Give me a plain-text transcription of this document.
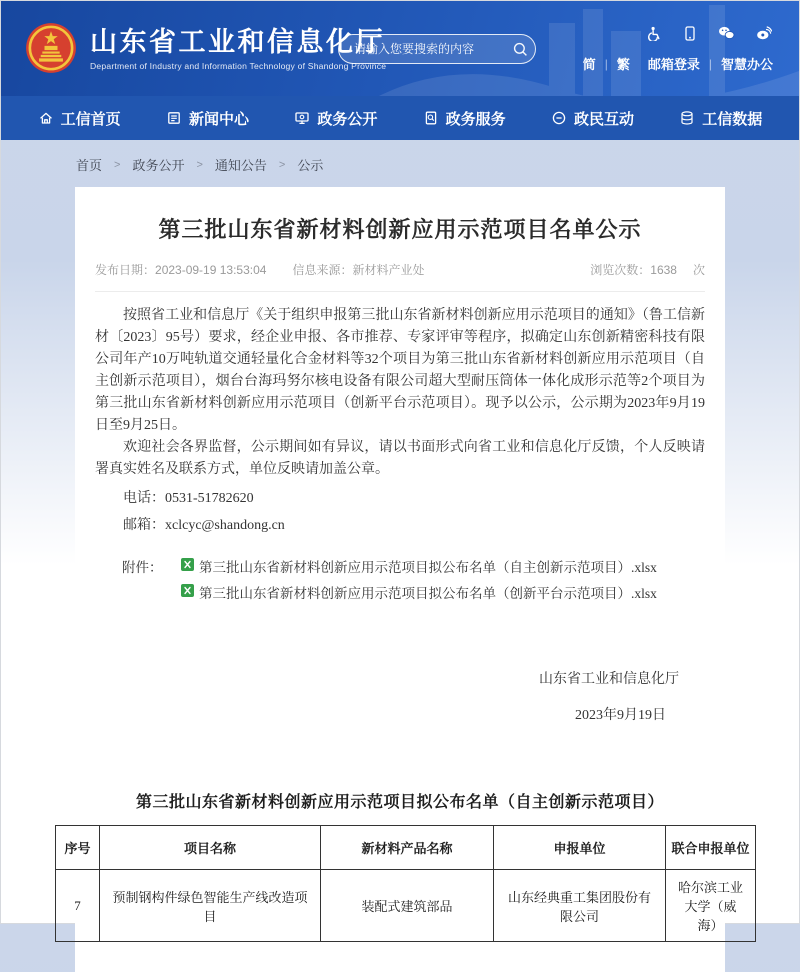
山东省工业和信息化厅
Department of Industry and Information Technology of Shandong Province
请输入您要搜索的内容	简 | 繁 邮箱登录 | 智慧办公
工信首页	新闻中心	政务公开	政务服务	政民互动	工信数据
首页 > 政务公开 > 通知公告 > 公示
第三批山东省新材料创新应用示范项目名单公示
发布日期：2023-09-19 13:53:04 信息来源：新材料产业处	浏览次数：1638 次

按照省工业和信息厅《关于组织申报第三批山东省新材料创新应用示范项目的通知》（鲁工信新材〔2023〕95号）要求，经企业申报、各市推荐、专家评审等程序，拟确定山东创新精密科技有限公司年产10万吨轨道交通轻量化合金材料等32个项目为第三批山东省新材料创新应用示范项目（自主创新示范项目），烟台台海玛努尔核电设备有限公司超大型耐压筒体一体化成形示范等2个项目为第三批山东省新材料创新应用示范项目（创新平台示范项目）。现予以公示，公示期为2023年9月19日至9月25日。

欢迎社会各界监督，公示期间如有异议，请以书面形式向省工业和信息化厅反馈，个人反映请署真实姓名及联系方式，单位反映请加盖公章。

电话：0531-51782620
邮箱：xclcyc@shandong.cn
附件：	第三批山东省新材料创新应用示范项目拟公布名单（自主创新示范项目）.xlsx
第三批山东省新材料创新应用示范项目拟公布名单（创新平台示范项目）.xlsx
山东省工业和信息化厅
2023年9月19日
第三批山东省新材料创新应用示范项目拟公布名单（自主创新示范项目）
序号	项目名称	新材料产品名称	申报单位	联合申报单位
7	预制钢构件绿色智能生产线改造项目	装配式建筑部品	山东经典重工集团股份有限公司	哈尔滨工业大学（威海）
